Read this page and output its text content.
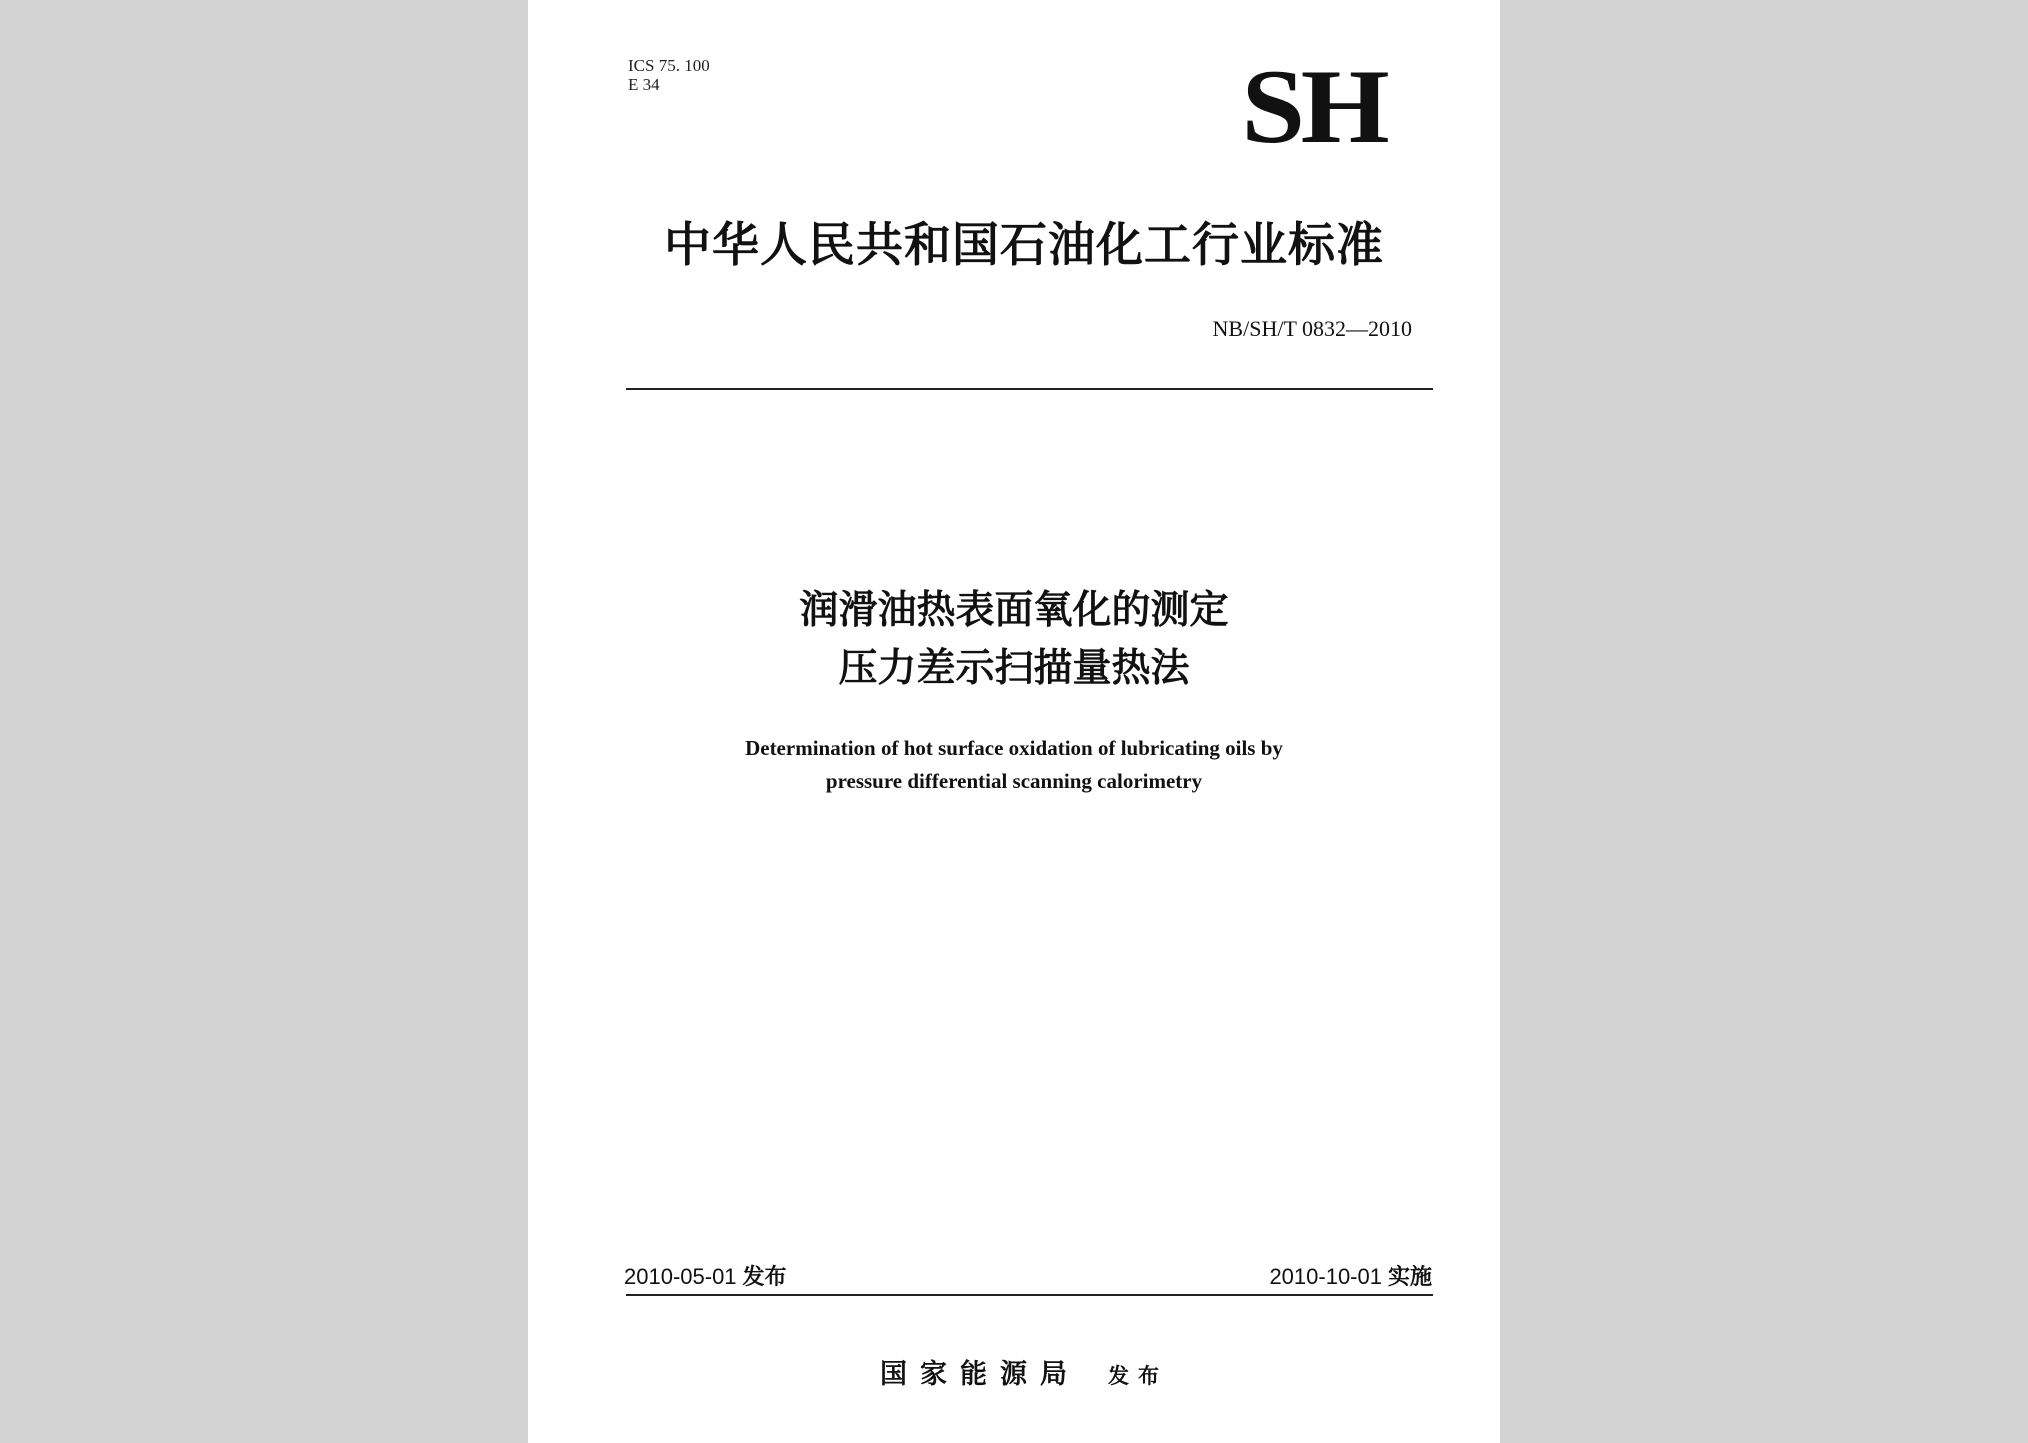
ICS 75. 100
E 34	SH
中华人民共和国石油化工行业标准
NB/SH/T 0832—2010
润滑油热表面氧化的测定
压力差示扫描量热法
Determination of hot surface oxidation of lubricating oils by
pressure differential scanning calorimetry
2010-05-01 发布	2010-10-01 实施
国家能源局 发布
